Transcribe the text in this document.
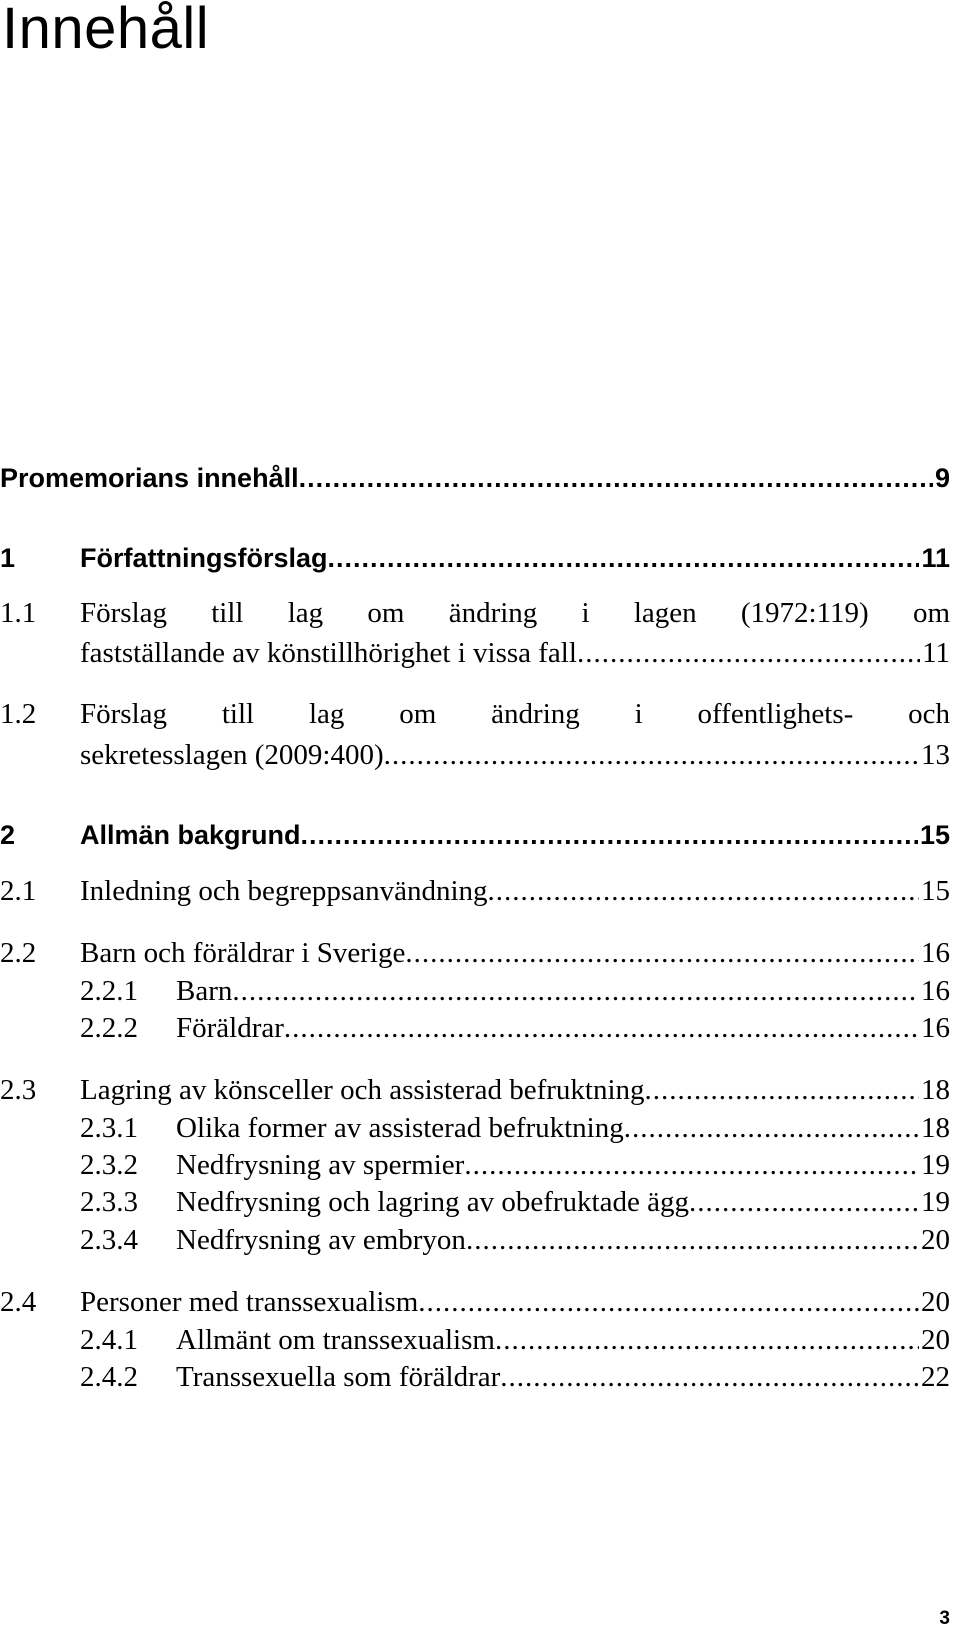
Innehåll
Promemorians innehåll .....	9
1	Författningsförslag .....	11
1.1	Förslag till lag om ändring i lagen (1972:119) om
fastställande av könstillhörighet i vissa fall .....	11
1.2	Förslag till lag om ändring i offentlighets- och
sekretesslagen (2009:400) .....	13
2	Allmän bakgrund .....	15
2.1	Inledning och begreppsanvändning .....	15
2.2	Barn och föräldrar i Sverige .....	16
2.2.1	Barn .....	16
2.2.2	Föräldrar .....	16
2.3	Lagring av könsceller och assisterad befruktning .....	18
2.3.1	Olika former av assisterad befruktning .....	18
2.3.2	Nedfrysning av spermier .....	19
2.3.3	Nedfrysning och lagring av obefruktade ägg .....	19
2.3.4	Nedfrysning av embryon .....	20
2.4	Personer med transsexualism .....	20
2.4.1	Allmänt om transsexualism .....	20
2.4.2	Transsexuella som föräldrar .....	22
3
